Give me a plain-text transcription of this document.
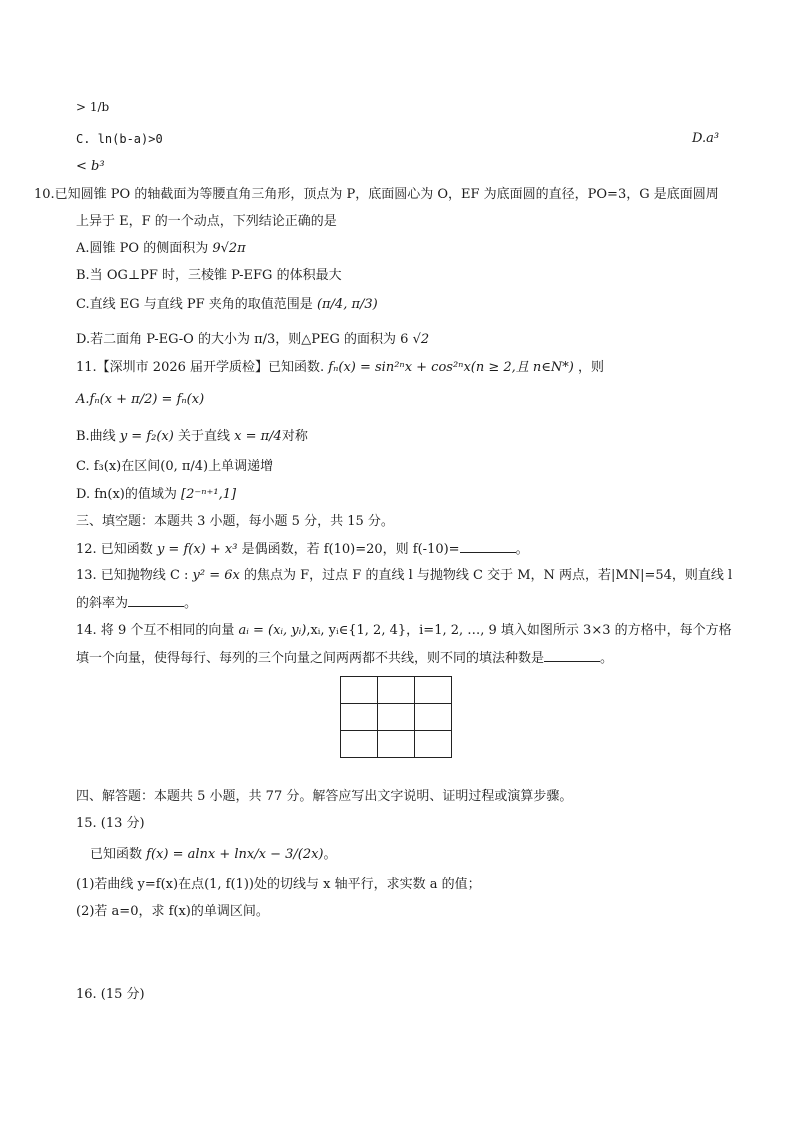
> 1/b
C. ln(b-a)>0	D.a³
< b³
10.已知圆锥 PO 的轴截面为等腰直角三角形，顶点为 P，底面圆心为 O，EF 为底面圆的直径，PO=3，G 是底面圆周
上异于 E，F 的一个动点，下列结论正确的是
A.圆锥 PO 的侧面积为 9√2π
B.当 OG⊥PF 时，三棱锥 P-EFG 的体积最大
C.直线 EG 与直线 PF 夹角的取值范围是 (π/4, π/3)
D.若二面角 P-EG-O 的大小为 π/3，则△PEG 的面积为 6 √2
11.【深圳市 2026 届开学质检】已知函数. fₙ(x) = sin²ⁿx + cos²ⁿx(n ≥ 2,且 n∈N*) ，则
A.fₙ(x + π/2) = fₙ(x)
B.曲线 y = f₂(x) 关于直线 x = π/4对称
C. f₃(x)在区间(0, π/4)上单调递增
D. fn(x)的值域为 [2⁻ⁿ⁺¹,1]
三、填空题：本题共 3 小题，每小题 5 分，共 15 分。
12. 已知函数 y = f(x) + x³ 是偶函数，若 f(10)=20，则 f(-10)=	。
13. 已知抛物线 C : y² = 6x 的焦点为 F，过点 F 的直线 l 与抛物线 C 交于 M，N 两点，若|MN|=54，则直线 l
的斜率为	。
14. 将 9 个互不相同的向量 aᵢ = (xᵢ, yᵢ),xᵢ, yᵢ∈{1, 2, 4}，i=1, 2, …, 9 填入如图所示 3×3 的方格中，每个方格
填一个向量，使得每行、每列的三个向量之间两两都不共线，则不同的填法种数是	。

四、解答题：本题共 5 小题，共 77 分。解答应写出文字说明、证明过程或演算步骤。
15. (13 分)
已知函数 f(x) = alnx + lnx/x − 3/(2x)。
(1)若曲线 y=f(x)在点(1, f(1))处的切线与 x 轴平行，求实数 a 的值；
(2)若 a=0，求 f(x)的单调区间。
16. (15 分)
